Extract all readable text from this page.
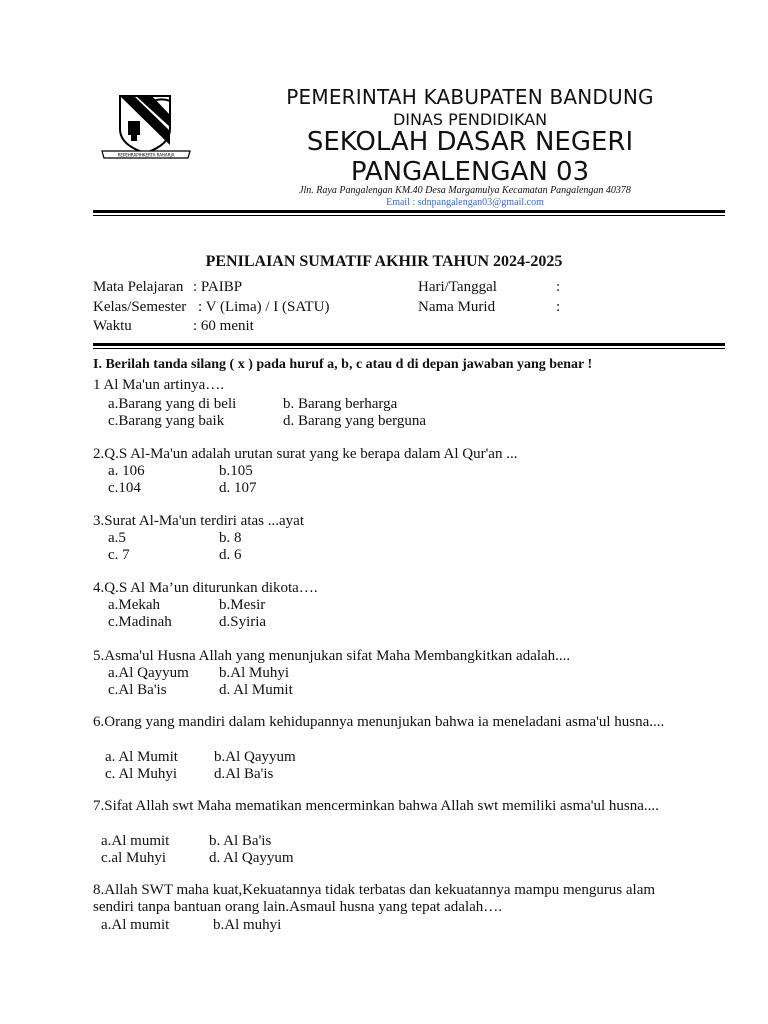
REPEHRAPIHKERTA RAHARJA
PEMERINTAH KABUPATEN BANDUNG
DINAS PENDIDIKAN
SEKOLAH DASAR NEGERI
PANGALENGAN 03
Jln. Raya Pangalengan KM.40 Desa Margamulya Kecamatan Pangalengan 40378
Email : sdnpangalengan03@gmail.com
PENILAIAN SUMATIF AKHIR TAHUN 2024-2025
Mata Pelajaran : PAIBP
Kelas/Semester : V (Lima) / I (SATU)
Waktu	: 60 menit
Hari/Tanggal	:
Nama Murid	:
I. Berilah tanda silang ( x ) pada huruf a, b, c atau d di depan jawaban yang benar !
1 Al Ma'un artinya….
a.Barang yang di beli	b. Barang berharga
c.Barang yang baik	d. Barang yang berguna
2.Q.S Al-Ma'un adalah urutan surat yang ke berapa dalam Al Qur'an ...
a. 106	b.105
c.104	d. 107
3.Surat Al-Ma'un terdiri atas ...ayat
a.5	b. 8
c. 7	d. 6
4.Q.S Al Ma’un diturunkan dikota….
a.Mekah	b.Mesir
c.Madinah	d.Syiria
5.Asma'ul Husna Allah yang menunjukan sifat Maha Membangkitkan adalah....
a.Al Qayyum b.Al Muhyi
c.Al Ba'is	d. Al Mumit
6.Orang yang mandiri dalam kehidupannya menunjukan bahwa ia meneladani asma'ul husna....
a. Al Mumit b.Al Qayyum
c. Al Muhyi d.Al Ba'is
7.Sifat Allah swt Maha mematikan mencerminkan bahwa Allah swt memiliki asma'ul husna....
a.Al mumit	b. Al Ba'is
c.al Muhyi	d. Al Qayyum
8.Allah SWT maha kuat,Kekuatannya tidak terbatas dan kekuatannya mampu mengurus alam sendiri tanpa bantuan orang lain.Asmaul husna yang tepat adalah….
a.Al mumit	b.Al muhyi
